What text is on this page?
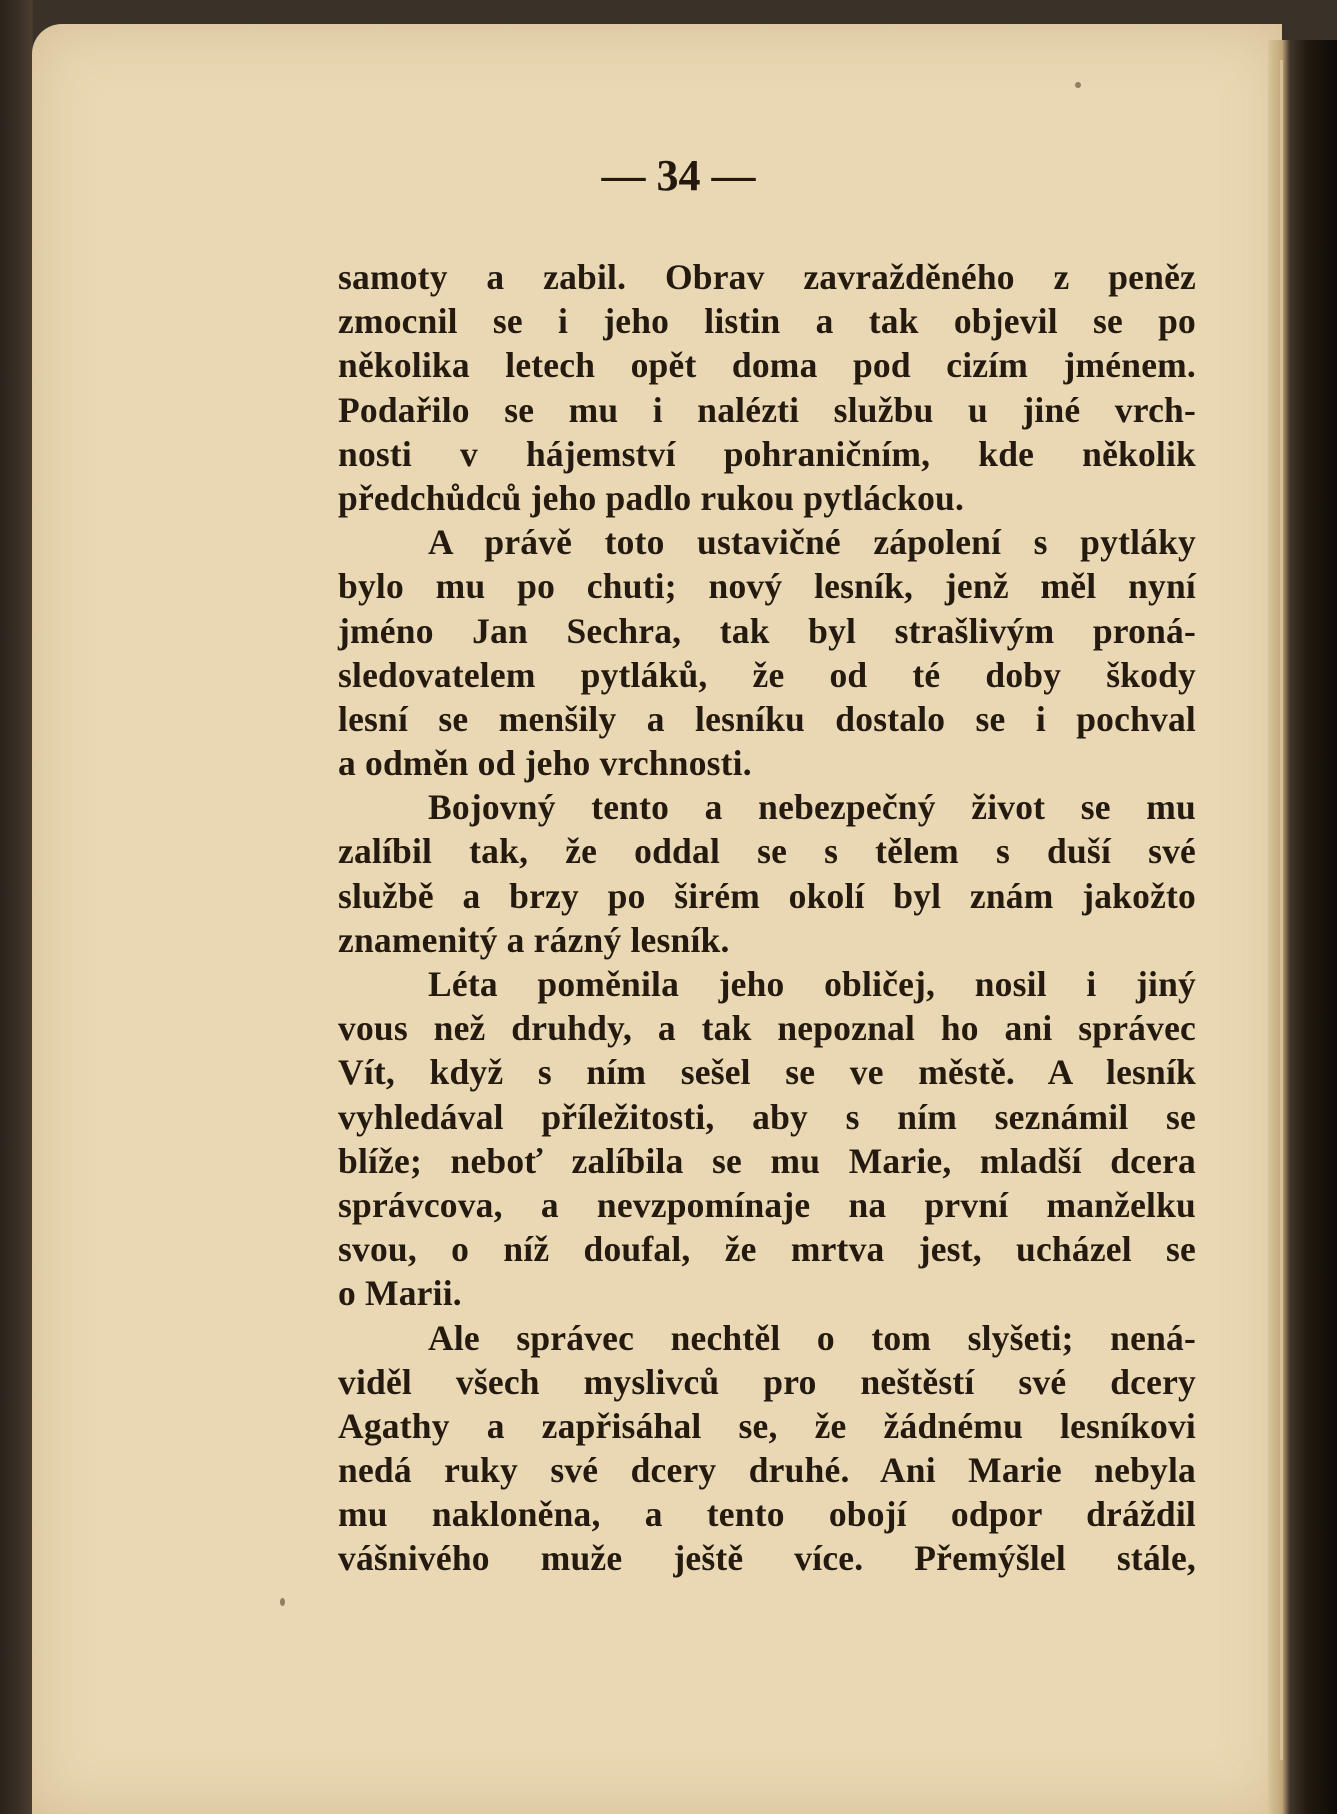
— 34 —
samoty a zabil. Obrav zavražděného z peněz
zmocnil se i jeho listin a tak objevil se po
několika letech opět doma pod cizím jménem.
Podařilo se mu i nalézti službu u jiné vrch-
nosti v hájemství pohraničním, kde několik
předchůdců jeho padlo rukou pytláckou.
A právě toto ustavičné zápolení s pytláky
bylo mu po chuti; nový lesník, jenž měl nyní
jméno Jan Sechra, tak byl strašlivým proná-
sledovatelem pytláků, že od té doby škody
lesní se menšily a lesníku dostalo se i pochval
a odměn od jeho vrchnosti.
Bojovný tento a nebezpečný život se mu
zalíbil tak, že oddal se s tělem s duší své
službě a brzy po širém okolí byl znám jakožto
znamenitý a rázný lesník.
Léta poměnila jeho obličej, nosil i jiný
vous než druhdy, a tak nepoznal ho ani správec
Vít, když s ním sešel se ve městě. A lesník
vyhledával příležitosti, aby s ním seznámil se
blíže; neboť zalíbila se mu Marie, mladší dcera
správcova, a nevzpomínaje na první manželku
svou, o níž doufal, že mrtva jest, ucházel se
o Marii.
Ale správec nechtěl o tom slyšeti; nená-
viděl všech myslivců pro neštěstí své dcery
Agathy a zapřisáhal se, že žádnému lesníkovi
nedá ruky své dcery druhé. Ani Marie nebyla
mu nakloněna, a tento obojí odpor dráždil
vášnivého muže ještě více. Přemýšlel stále,
